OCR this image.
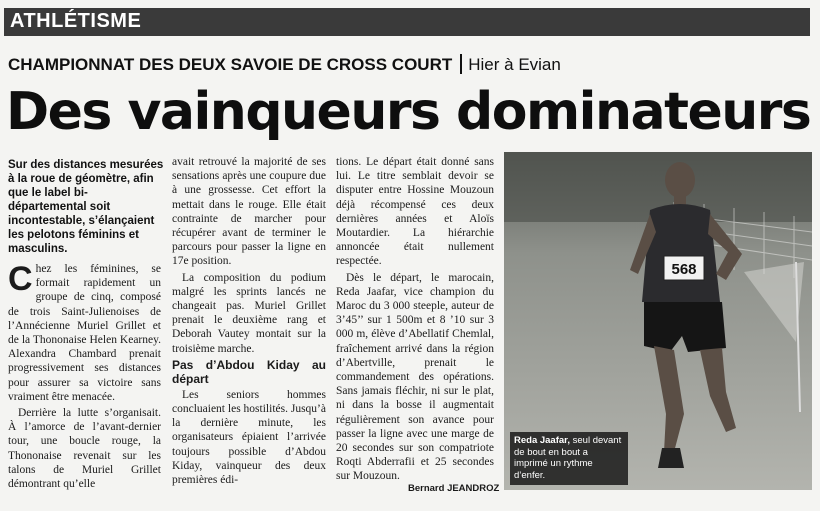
ATHLÉTISME
CHAMPIONNAT DES DEUX SAVOIE DE CROSS COURT Hier à Evian
Des vainqueurs dominateurs
Sur des distances mesurées à la roue de géomètre, afin que le label bi-départemental soit incontestable, s’élançaient les pelotons féminins et masculins.

Chez les féminines, se formait rapidement un groupe de cinq, composé de trois Saint-Julienoises de l’Annécienne Muriel Grillet et de la Thononaise Helen Kearney. Alexandra Chambard prenait progressivement ses distances pour assurer sa victoire sans vraiment être menacée.

Derrière la lutte s’organisait. À l’amorce de l’avant-dernier tour, une boucle rouge, la Thononaise revenait sur les talons de Muriel Grillet démontrant qu’elle

avait retrouvé la majorité de ses sensations après une coupure due à une grossesse. Cet effort la mettait dans le rouge. Elle était contrainte de marcher pour récupérer avant de terminer le parcours pour passer la ligne en 17e position.

La composition du podium malgré les sprints lancés ne changeait pas. Muriel Grillet prenait le deuxième rang et Deborah Vautey montait sur la troisième marche.

Pas d’Abdou Kiday au départ

Les seniors hommes concluaient les hostilités. Jusqu’à la dernière minute, les organisateurs épiaient l’arrivée toujours possible d’Abdou Kiday, vainqueur des deux premières édi-

tions. Le départ était donné sans lui. Le titre semblait devoir se disputer entre Hossine Mouzoun déjà récompensé ces deux dernières années et Aloïs Moutardier. La hiérarchie annoncée était nullement respectée.

Dès le départ, le marocain, Reda Jaafar, vice champion du Maroc du 3 000 steeple, auteur de 3’45’’ sur 1 500m et 8 ’10 sur 3 000 m, élève d’Abellatif Chemlal, fraîchement arrivé dans la région d’Abertville, prenait le commandement des opérations. Sans jamais fléchir, ni sur le plat, ni dans la bosse il augmentait régulièrement son avance pour passer la ligne avec une marge de 20 secondes sur son compatriote Roqti Abderrafii et 25 secondes sur Mouzoun.

Bernard JEANDROZ
568
Reda Jaafar, seul devant de bout en bout a imprimé un rythme d’enfer.
